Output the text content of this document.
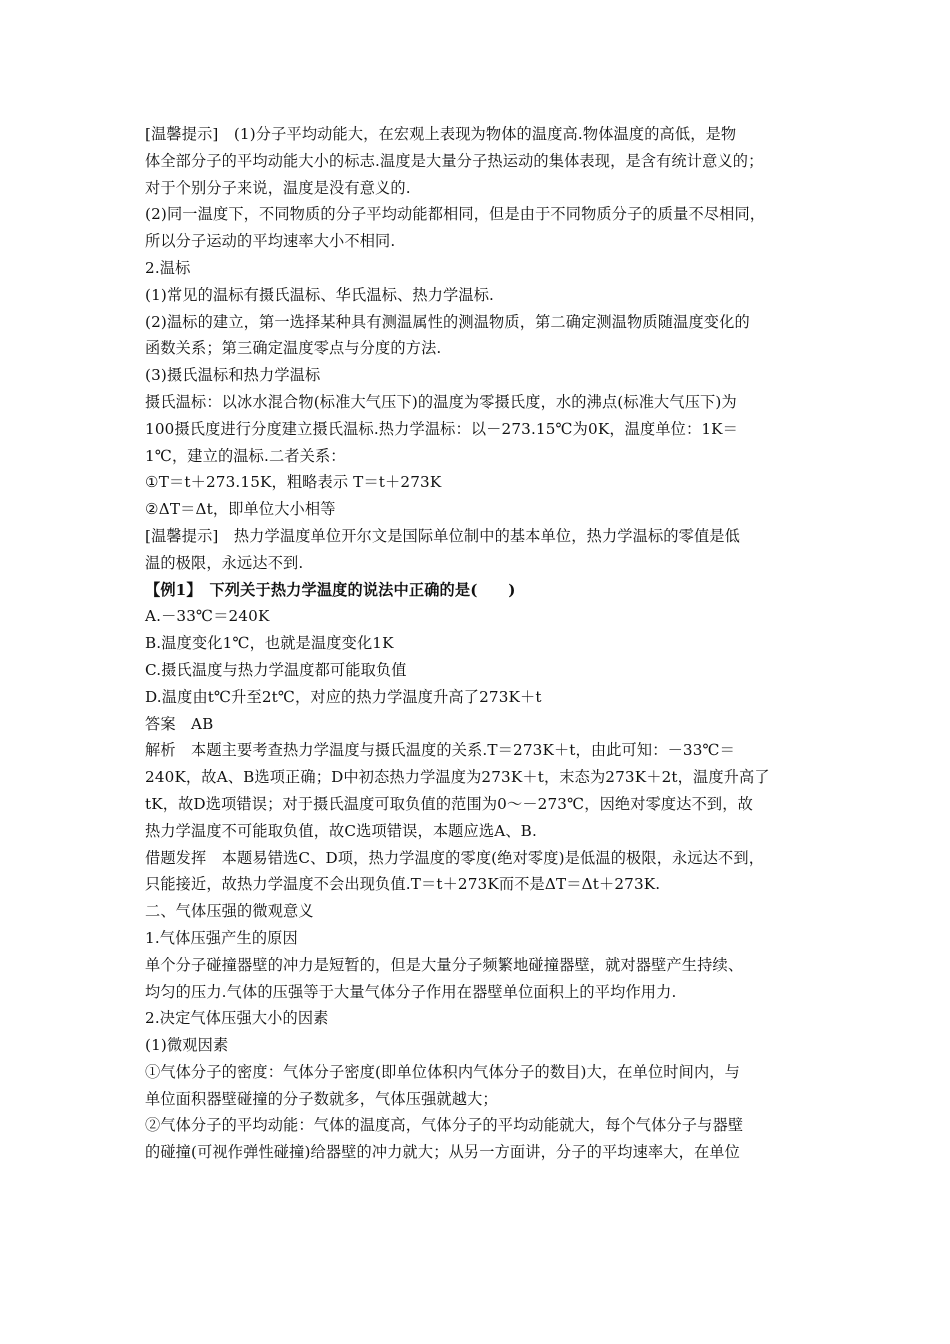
[温馨提示]　(1)分子平均动能大，在宏观上表现为物体的温度高.物体温度的高低，是物
体全部分子的平均动能大小的标志.温度是大量分子热运动的集体表现，是含有统计意义的；
对于个别分子来说，温度是没有意义的.
(2)同一温度下，不同物质的分子平均动能都相同，但是由于不同物质分子的质量不尽相同，
所以分子运动的平均速率大小不相同.
2.温标
(1)常见的温标有摄氏温标、华氏温标、热力学温标.
(2)温标的建立，第一选择某种具有测温属性的测温物质，第二确定测温物质随温度变化的
函数关系；第三确定温度零点与分度的方法.
(3)摄氏温标和热力学温标
摄氏温标：以冰水混合物(标准大气压下)的温度为零摄氏度，水的沸点(标准大气压下)为
100摄氏度进行分度建立摄氏温标.热力学温标：以－273.15℃为0K，温度单位：1K＝
1℃，建立的温标.二者关系：
①T＝t＋273.15K，粗略表示 T＝t＋273K
②ΔT＝Δt，即单位大小相等
[温馨提示]　热力学温度单位开尔文是国际单位制中的基本单位，热力学温标的零值是低
温的极限，永远达不到.
【例1】　下列关于热力学温度的说法中正确的是(　　)
A.－33℃＝240K
B.温度变化1℃，也就是温度变化1K
C.摄氏温度与热力学温度都可能取负值
D.温度由t℃升至2t℃，对应的热力学温度升高了273K＋t
答案　AB
解析　本题主要考查热力学温度与摄氏温度的关系.T＝273K＋t，由此可知：－33℃＝
240K，故A、B选项正确；D中初态热力学温度为273K＋t，末态为273K＋2t，温度升高了
tK，故D选项错误；对于摄氏温度可取负值的范围为0～－273℃，因绝对零度达不到，故
热力学温度不可能取负值，故C选项错误，本题应选A、B.
借题发挥　本题易错选C、D项，热力学温度的零度(绝对零度)是低温的极限，永远达不到，
只能接近，故热力学温度不会出现负值.T＝t＋273K而不是ΔT＝Δt＋273K.
二、气体压强的微观意义
1.气体压强产生的原因
单个分子碰撞器壁的冲力是短暂的，但是大量分子频繁地碰撞器壁，就对器壁产生持续、
均匀的压力.气体的压强等于大量气体分子作用在器壁单位面积上的平均作用力.
2.决定气体压强大小的因素
(1)微观因素
①气体分子的密度：气体分子密度(即单位体积内气体分子的数目)大，在单位时间内，与
单位面积器壁碰撞的分子数就多，气体压强就越大；
②气体分子的平均动能：气体的温度高，气体分子的平均动能就大，每个气体分子与器壁
的碰撞(可视作弹性碰撞)给器壁的冲力就大；从另一方面讲，分子的平均速率大，在单位
